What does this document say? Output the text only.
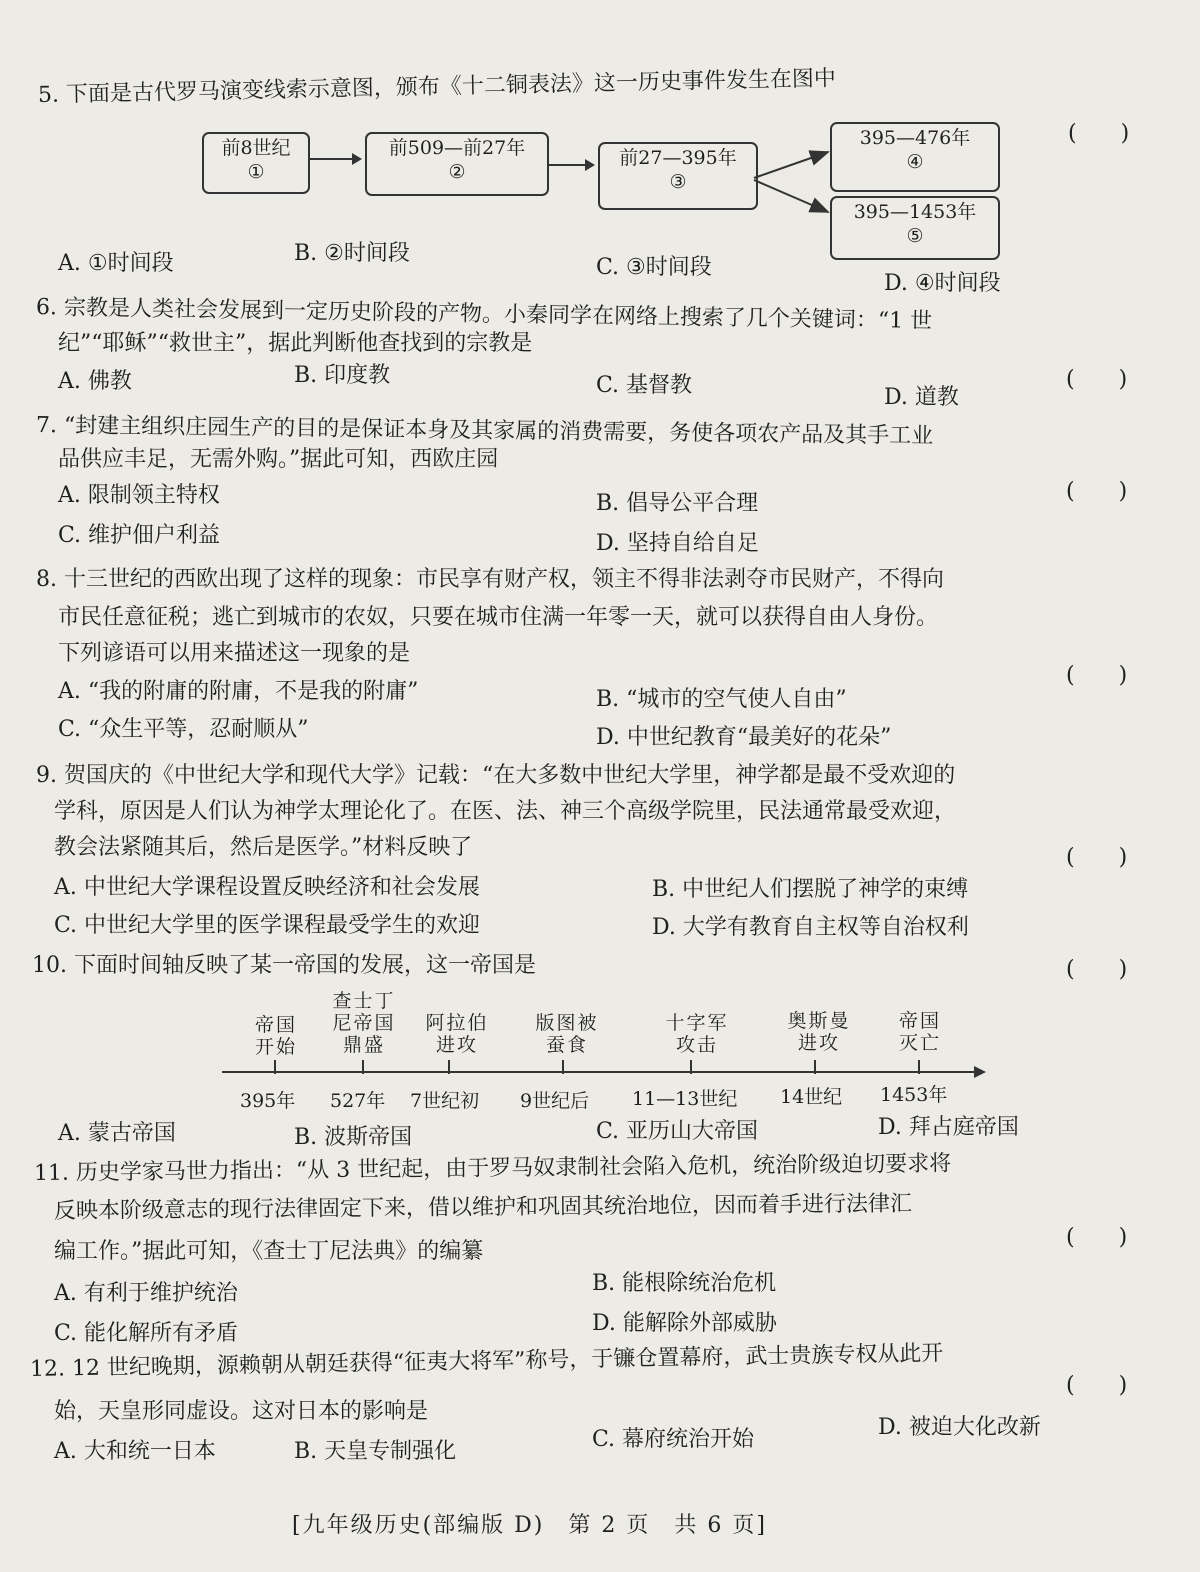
5. 下面是古代罗马演变线索示意图，颁布《十二铜表法》这一历史事件发生在图中
(　　)
前8世纪
①
前509—前27年
②
前27—395年
③
395—476年
④
395—1453年
⑤
A. ①时间段	B. ②时间段
C. ③时间段
D. ④时间段
6. 宗教是人类社会发展到一定历史阶段的产物。小秦同学在网络上搜索了几个关键词：“1 世
纪”“耶稣”“救世主”，据此判断他查找到的宗教是
(　　)
A. 佛教	B. 印度教	C. 基督教	D. 道教
7. “封建主组织庄园生产的目的是保证本身及其家属的消费需要，务使各项农产品及其手工业
品供应丰足，无需外购。”据此可知，西欧庄园
(　　)
A. 限制领主特权	B. 倡导公平合理
C. 维护佃户利益	D. 坚持自给自足
8. 十三世纪的西欧出现了这样的现象：市民享有财产权，领主不得非法剥夺市民财产，不得向
市民任意征税；逃亡到城市的农奴，只要在城市住满一年零一天，就可以获得自由人身份。
下列谚语可以用来描述这一现象的是
(　　)
A. “我的附庸的附庸，不是我的附庸”	B. “城市的空气使人自由”
C. “众生平等，忍耐顺从”	D. 中世纪教育“最美好的花朵”
9. 贺国庆的《中世纪大学和现代大学》记载：“在大多数中世纪大学里，神学都是最不受欢迎的
学科，原因是人们认为神学太理论化了。在医、法、神三个高级学院里，民法通常最受欢迎，
教会法紧随其后，然后是医学。”材料反映了	(　　)
A. 中世纪大学课程设置反映经济和社会发展	B. 中世纪人们摆脱了神学的束缚
C. 中世纪大学里的医学课程最受学生的欢迎	D. 大学有教育自主权等自治权利
10. 下面时间轴反映了某一帝国的发展，这一帝国是	(　　)
帝国
开始
395年
查士丁
尼帝国
鼎盛
527年
阿拉伯
进攻
7世纪初
版图被
蚕食
9世纪后
十字军
攻击
11—13世纪
奥斯曼
进攻
14世纪
帝国
灭亡
1453年
A. 蒙古帝国	B. 波斯帝国	C. 亚历山大帝国	D. 拜占庭帝国
11. 历史学家马世力指出：“从 3 世纪起，由于罗马奴隶制社会陷入危机，统治阶级迫切要求将
反映本阶级意志的现行法律固定下来，借以维护和巩固其统治地位，因而着手进行法律汇
编工作。”据此可知，《查士丁尼法典》的编纂
(　　)
A. 有利于维护统治	B. 能根除统治危机
C. 能化解所有矛盾	D. 能解除外部威胁
12. 12 世纪晚期，源赖朝从朝廷获得“征夷大将军”称号，于镰仓置幕府，武士贵族专权从此开
始，天皇形同虚设。这对日本的影响是
(　　)
A. 大和统一日本	B. 天皇专制强化	C. 幕府统治开始	D. 被迫大化改新
[九年级历史(部编版 D)　第 2 页　共 6 页]
